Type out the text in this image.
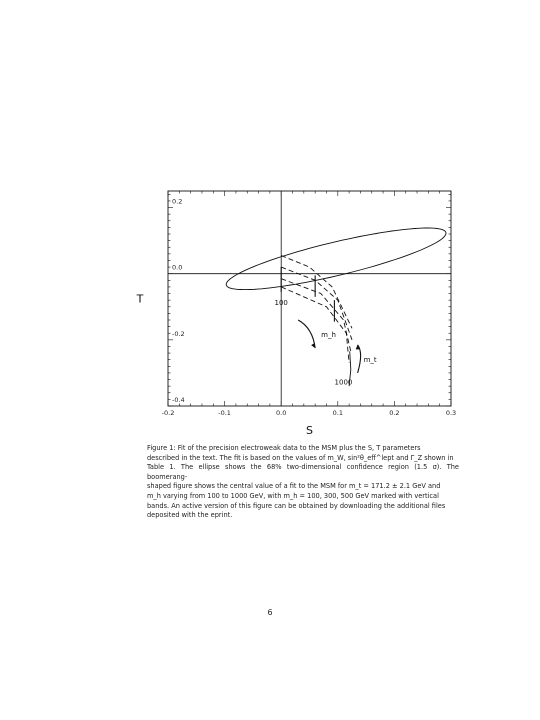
-0.2	-0.1	0.0	0.1	0.2	0.3
0.2
0.0
-0.2
-0.4
S
T
m_h
m_t
100
1000
Figure 1: Fit of the precision electroweak data to the MSM plus the S, T parameters
described in the text. The fit is based on the values of m_W, sin²θ_eff^lept and Γ_Z shown in
Table 1. The ellipse shows the 68% two-dimensional confidence region (1.5 σ). The boomerang-
shaped figure shows the central value of a fit to the MSM for m_t = 171.2 ± 2.1 GeV and
m_h varying from 100 to 1000 GeV, with m_h = 100, 300, 500 GeV marked with vertical
bands. An active version of this figure can be obtained by downloading the additional files
deposited with the eprint.
6
